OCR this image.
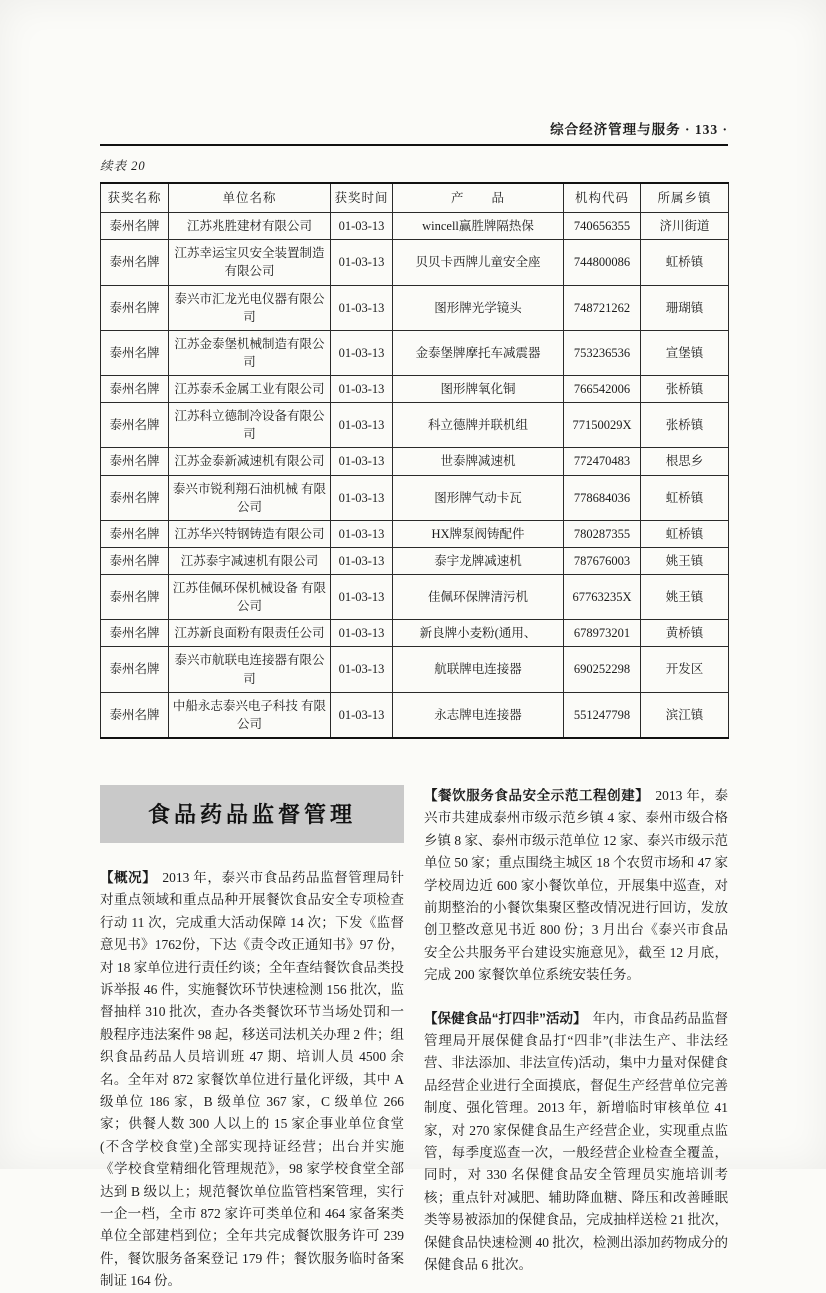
综合经济管理与服务 · 133 ·
续表 20
获奖名称	单位名称	获奖时间	产　　品	机构代码	所属乡镇
泰州名牌	江苏兆胜建材有限公司	01-03-13	wincell赢胜牌隔热保	740656355	济川街道
泰州名牌	江苏幸运宝贝安全装置制造有限公司	01-03-13	贝贝卡西牌儿童安全座	744800086	虹桥镇
泰州名牌	泰兴市汇龙光电仪器有限公司	01-03-13	图形牌光学镜头	748721262	珊瑚镇
泰州名牌	江苏金泰堡机械制造有限公司	01-03-13	金泰堡牌摩托车减震器	753236536	宣堡镇
泰州名牌	江苏泰禾金属工业有限公司	01-03-13	图形牌氧化铜	766542006	张桥镇
泰州名牌	江苏科立德制冷设备有限公司	01-03-13	科立德牌并联机组	77150029X	张桥镇
泰州名牌	江苏金泰新减速机有限公司	01-03-13	世泰牌减速机	772470483	根思乡
泰州名牌	泰兴市锐利翔石油机械 有限公司	01-03-13	图形牌气动卡瓦	778684036	虹桥镇
泰州名牌	江苏华兴特钢铸造有限公司	01-03-13	HX牌泵阀铸配件	780287355	虹桥镇
泰州名牌	江苏泰宇减速机有限公司	01-03-13	泰宇龙牌减速机	787676003	姚王镇
泰州名牌	江苏佳佩环保机械设备 有限公司	01-03-13	佳佩环保牌清污机	67763235X	姚王镇
泰州名牌	江苏新良面粉有限责任公司	01-03-13	新良牌小麦粉(通用、	678973201	黄桥镇
泰州名牌	泰兴市航联电连接器有限公司	01-03-13	航联牌电连接器	690252298	开发区
泰州名牌	中船永志泰兴电子科技 有限公司	01-03-13	永志牌电连接器	551247798	滨江镇
食品药品监督管理

【概况】 2013 年，泰兴市食品药品监督管理局针对重点领域和重点品种开展餐饮食品安全专项检查行动 11 次，完成重大活动保障 14 次；下发《监督意见书》1762份，下达《责令改正通知书》97 份，对 18 家单位进行责任约谈；全年查结餐饮食品类投诉举报 46 件，实施餐饮环节快速检测 156 批次，监督抽样 310 批次，查办各类餐饮环节当场处罚和一般程序违法案件 98 起，移送司法机关办理 2 件；组织食品药品人员培训班 47 期、培训人员 4500 余名。全年对 872 家餐饮单位进行量化评级，其中 A 级单位 186 家，B 级单位 367 家，C 级单位 266 家；供餐人数 300 人以上的 15 家企事业单位食堂(不含学校食堂)全部实现持证经营；出台并实施《学校食堂精细化管理规范》，98 家学校食堂全部达到 B 级以上；规范餐饮单位监管档案管理，实行一企一档，全市 872 家许可类单位和 464 家备案类单位全部建档到位；全年共完成餐饮服务许可 239 件，餐饮服务备案登记 179 件；餐饮服务临时备案制证 164 份。

【餐饮服务食品安全示范工程创建】 2013 年，泰兴市共建成泰州市级示范乡镇 4 家、泰州市级合格乡镇 8 家、泰州市级示范单位 12 家、泰兴市级示范单位 50 家；重点围绕主城区 18 个农贸市场和 47 家学校周边近 600 家小餐饮单位，开展集中巡查，对前期整治的小餐饮集聚区整改情况进行回访，发放创卫整改意见书近 800 份；3 月出台《泰兴市食品安全公共服务平台建设实施意见》，截至 12 月底，完成 200 家餐饮单位系统安装任务。

【保健食品“打四非”活动】 年内，市食品药品监督管理局开展保健食品打“四非”(非法生产、非法经营、非法添加、非法宣传)活动，集中力量对保健食品经营企业进行全面摸底，督促生产经营单位完善制度、强化管理。2013 年，新增临时审核单位 41 家，对 270 家保健食品生产经营企业，实现重点监管，每季度巡查一次，一般经营企业检查全覆盖，同时，对 330 名保健食品安全管理员实施培训考核；重点针对减肥、辅助降血糖、降压和改善睡眠类等易被添加的保健食品，完成抽样送检 21 批次，保健食品快速检测 40 批次，检测出添加药物成分的保健食品 6 批次。
